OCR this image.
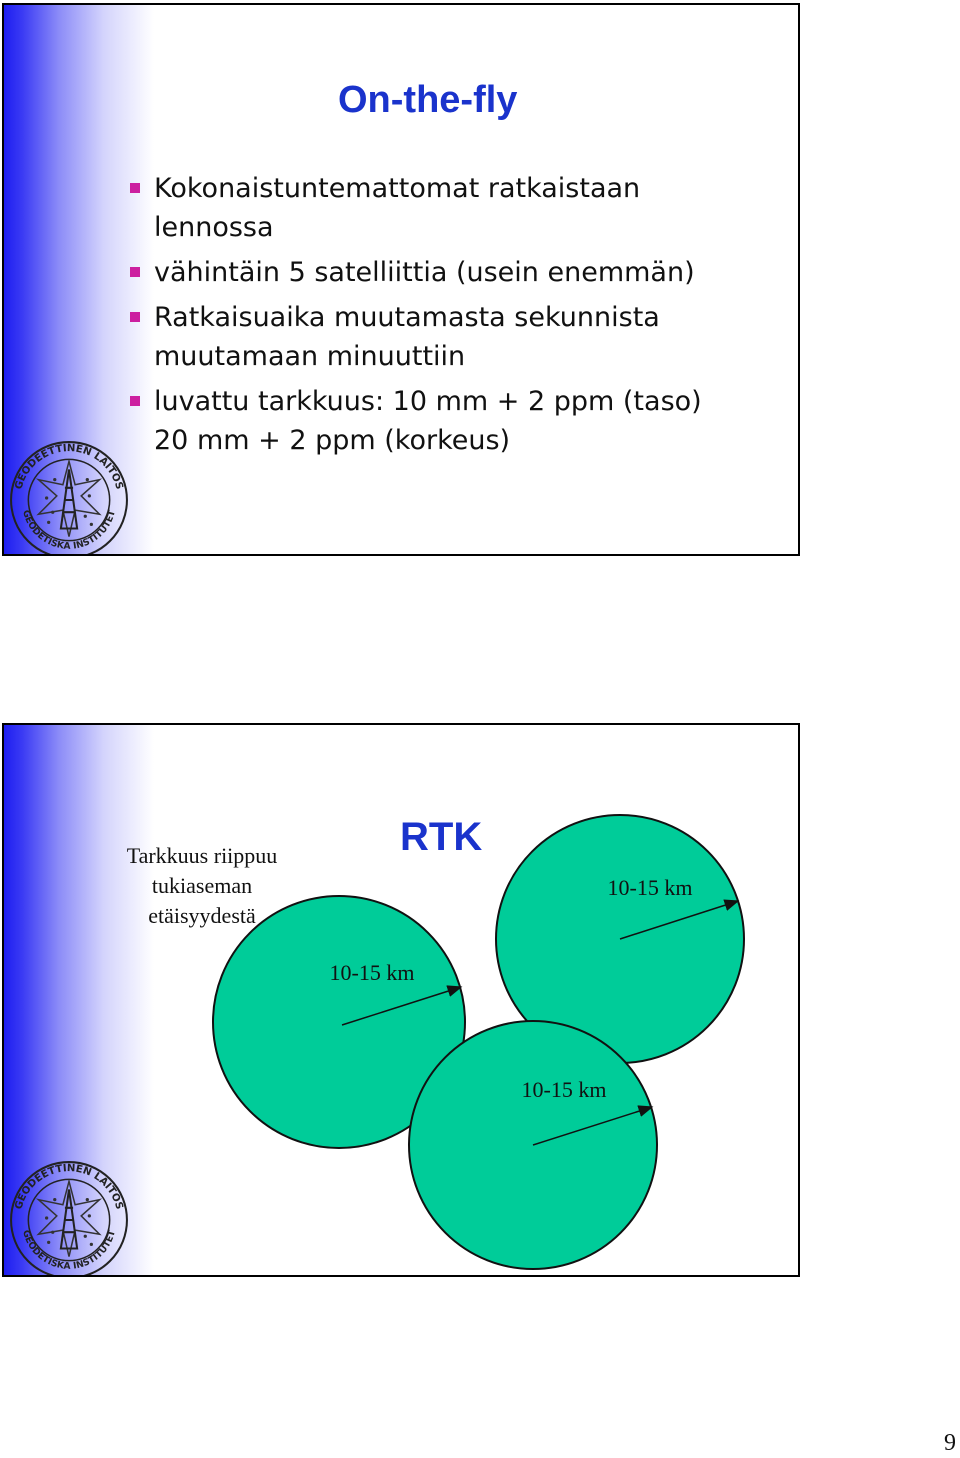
GEODEETTINEN LAITOS
GEODETISKA INSTITUTET
On-the-fly
Kokonaistuntemattomat ratkaistaan
lennossa
vähintäin 5 satelliittia (usein enemmän)
Ratkaisuaika muutamasta sekunnista
muutamaan minuuttiin
luvattu tarkkuus: 10 mm + 2 ppm (taso)
20 mm + 2 ppm (korkeus)
GEODEETTINEN LAITOS
GEODETISKA INSTITUTET
10-15 km
10-15 km
10-15 km
RTK
Tarkkuus riippuu
tukiaseman
etäisyydestä
9
